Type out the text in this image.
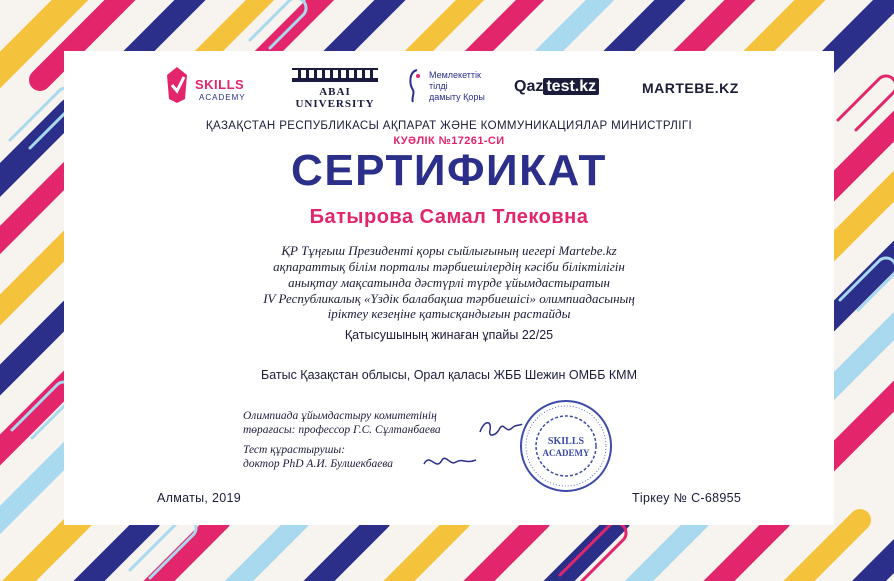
SKILLS
ACADEMY	ABAI UNIVERSITY
Мемлекеттік
тілді
дамыту Қоры
Qaz test.kz	MARTEBE.KZ
ҚАЗАҚСТАН РЕСПУБЛИКАСЫ АҚПАРАТ ЖӘНЕ КОММУНИКАЦИЯЛАР МИНИСТРЛІГІ
КУӘЛІК №17261-СИ
СЕРТИФИКАТ
Батырова Самал Тлековна
ҚР Тұңғыш Президенті қоры сыйлығының иегері Martebe.kz
ақпараттық білім порталы тәрбиешілердің кәсіби біліктілігін
анықтау мақсатында дәстүрлі түрде ұйымдастыратын
IV Республикалық «Үздік балабақша тәрбиешісі» олимпиадасының
іріктеу кезеңіне қатысқандығын растайды
Қатысушының жинаған ұпайы 22/25
Батыс Қазақстан облысы, Орал қаласы ЖББ Шежин ОМББ КММ
Олимпиада ұйымдастыру комитетінің
төрағасы: профессор Г.С. Сұлтанбаева
Тест құрастырушы:
доктор PhD А.И. Булшекбаева
SKILLS
ACADEMY
Алматы, 2019	Тіркеу № С-68955
